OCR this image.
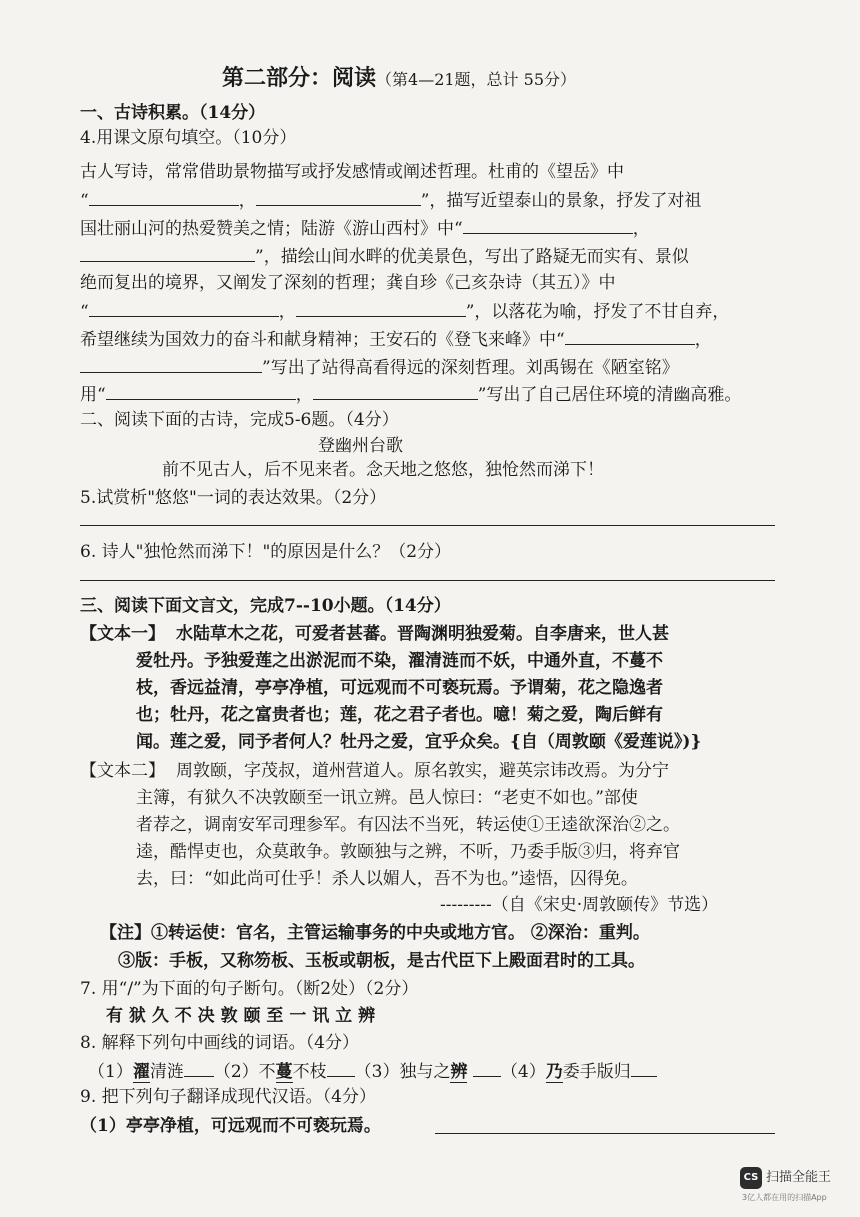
第二部分：阅读（第4—21题，总计 55分）
一、古诗积累。（14分）
4.用课文原句填空。（10分）
古人写诗，常常借助景物描写或抒发感情或阐述哲理。杜甫的《望岳》中
“	，	”，描写近望泰山的景象，抒发了对祖
国壮丽山河的热爱赞美之情；陆游《游山西村》中“	，
”，描绘山间水畔的优美景色，写出了路疑无而实有、景似
绝而复出的境界，又阐发了深刻的哲理；龚自珍《己亥杂诗（其五）》中
“	，	”，以落花为喻，抒发了不甘自弃，
希望继续为国效力的奋斗和献身精神；王安石的《登飞来峰》中“	，
”写出了站得高看得远的深刻哲理。刘禹锡在《陋室铭》
用“	，	”写出了自己居住环境的清幽高雅。
二、阅读下面的古诗，完成5-6题。（4分）
登幽州台歌
前不见古人，后不见来者。念天地之悠悠，独怆然而涕下！
5.试赏析"悠悠"一词的表达效果。（2分）
6. 诗人"独怆然而涕下！"的原因是什么？（2分）
三、阅读下面文言文，完成7--10小题。（14分）
【文本一】 水陆草木之花，可爱者甚蕃。晋陶渊明独爱菊。自李唐来，世人甚
爱牡丹。予独爱莲之出淤泥而不染，濯清涟而不妖，中通外直，不蔓不
枝，香远益清，亭亭净植，可远观而不可亵玩焉。予谓菊，花之隐逸者
也；牡丹，花之富贵者也；莲，花之君子者也。噫！菊之爱，陶后鲜有
闻。莲之爱，同予者何人？牡丹之爱，宜乎众矣。{自（周敦颐《爱莲说》)}
【文本二】 周敦颐，字茂叔，道州营道人。原名敦实，避英宗讳改焉。为分宁
主簿，有狱久不决敦颐至一讯立辨。邑人惊曰：“老吏不如也。”部使
者荐之，调南安军司理参军。有囚法不当死，转运使①王逵欲深治②之。
逵，酷悍吏也，众莫敢争。敦颐独与之辨，不听，乃委手版③归，将弃官
去，曰：“如此尚可仕乎！杀人以媚人，吾不为也。”逵悟，囚得免。
---------（自《宋史·周敦颐传》节选）
【注】①转运使：官名，主管运输事务的中央或地方官。 ②深治：重判。
③版：手板，又称笏板、玉板或朝板，是古代臣下上殿面君时的工具。
7. 用“/”为下面的句子断句。（断2处）（2分）
有 狱 久 不 决 敦 颐 至 一 讯 立 辨
8. 解释下列句中画线的词语。（4分）
（1）濯清涟 （2）不蔓不枝 （3）独与之辨 （4）乃委手版归
9. 把下列句子翻译成现代汉语。（4分）
（1）亭亭净植，可远观而不可亵玩焉。
CS 扫描全能王
3亿人都在用的扫描App
